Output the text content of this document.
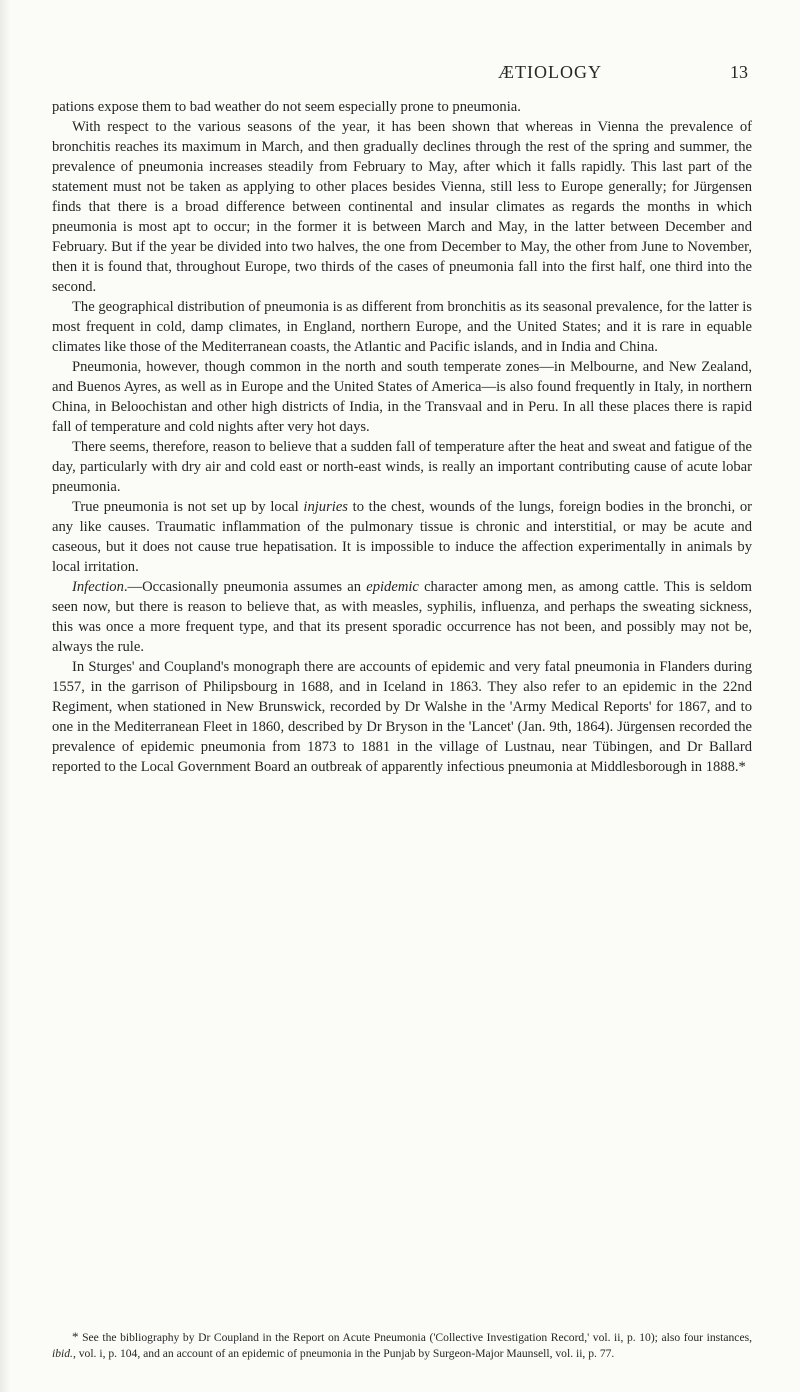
ÆTIOLOGY	13

pations expose them to bad weather do not seem especially prone to pneumonia.

With respect to the various seasons of the year, it has been shown that whereas in Vienna the prevalence of bronchitis reaches its maximum in March, and then gradually declines through the rest of the spring and summer, the prevalence of pneumonia increases steadily from February to May, after which it falls rapidly. This last part of the statement must not be taken as applying to other places besides Vienna, still less to Europe generally; for Jürgensen finds that there is a broad difference between continental and insular climates as regards the months in which pneumonia is most apt to occur; in the former it is between March and May, in the latter between December and February. But if the year be divided into two halves, the one from December to May, the other from June to November, then it is found that, throughout Europe, two thirds of the cases of pneumonia fall into the first half, one third into the second.

The geographical distribution of pneumonia is as different from bronchitis as its seasonal prevalence, for the latter is most frequent in cold, damp climates, in England, northern Europe, and the United States; and it is rare in equable climates like those of the Mediterranean coasts, the Atlantic and Pacific islands, and in India and China.

Pneumonia, however, though common in the north and south temperate zones—in Melbourne, and New Zealand, and Buenos Ayres, as well as in Europe and the United States of America—is also found frequently in Italy, in northern China, in Beloochistan and other high districts of India, in the Transvaal and in Peru. In all these places there is rapid fall of temperature and cold nights after very hot days.

There seems, therefore, reason to believe that a sudden fall of temperature after the heat and sweat and fatigue of the day, particularly with dry air and cold east or north-east winds, is really an important contributing cause of acute lobar pneumonia.

True pneumonia is not set up by local injuries to the chest, wounds of the lungs, foreign bodies in the bronchi, or any like causes. Traumatic inflammation of the pulmonary tissue is chronic and interstitial, or may be acute and caseous, but it does not cause true hepatisation. It is impossible to induce the affection experimentally in animals by local irritation.

Infection.—Occasionally pneumonia assumes an epidemic character among men, as among cattle. This is seldom seen now, but there is reason to believe that, as with measles, syphilis, influenza, and perhaps the sweating sickness, this was once a more frequent type, and that its present sporadic occurrence has not been, and possibly may not be, always the rule.

In Sturges' and Coupland's monograph there are accounts of epidemic and very fatal pneumonia in Flanders during 1557, in the garrison of Philipsbourg in 1688, and in Iceland in 1863. They also refer to an epidemic in the 22nd Regiment, when stationed in New Brunswick, recorded by Dr Walshe in the 'Army Medical Reports' for 1867, and to one in the Mediterranean Fleet in 1860, described by Dr Bryson in the 'Lancet' (Jan. 9th, 1864). Jürgensen recorded the prevalence of epidemic pneumonia from 1873 to 1881 in the village of Lustnau, near Tübingen, and Dr Ballard reported to the Local Government Board an outbreak of apparently infectious pneumonia at Middlesborough in 1888.*

* See the bibliography by Dr Coupland in the Report on Acute Pneumonia ('Collective Investigation Record,' vol. ii, p. 10); also four instances, ibid., vol. i, p. 104, and an account of an epidemic of pneumonia in the Punjab by Surgeon-Major Maunsell, vol. ii, p. 77.
